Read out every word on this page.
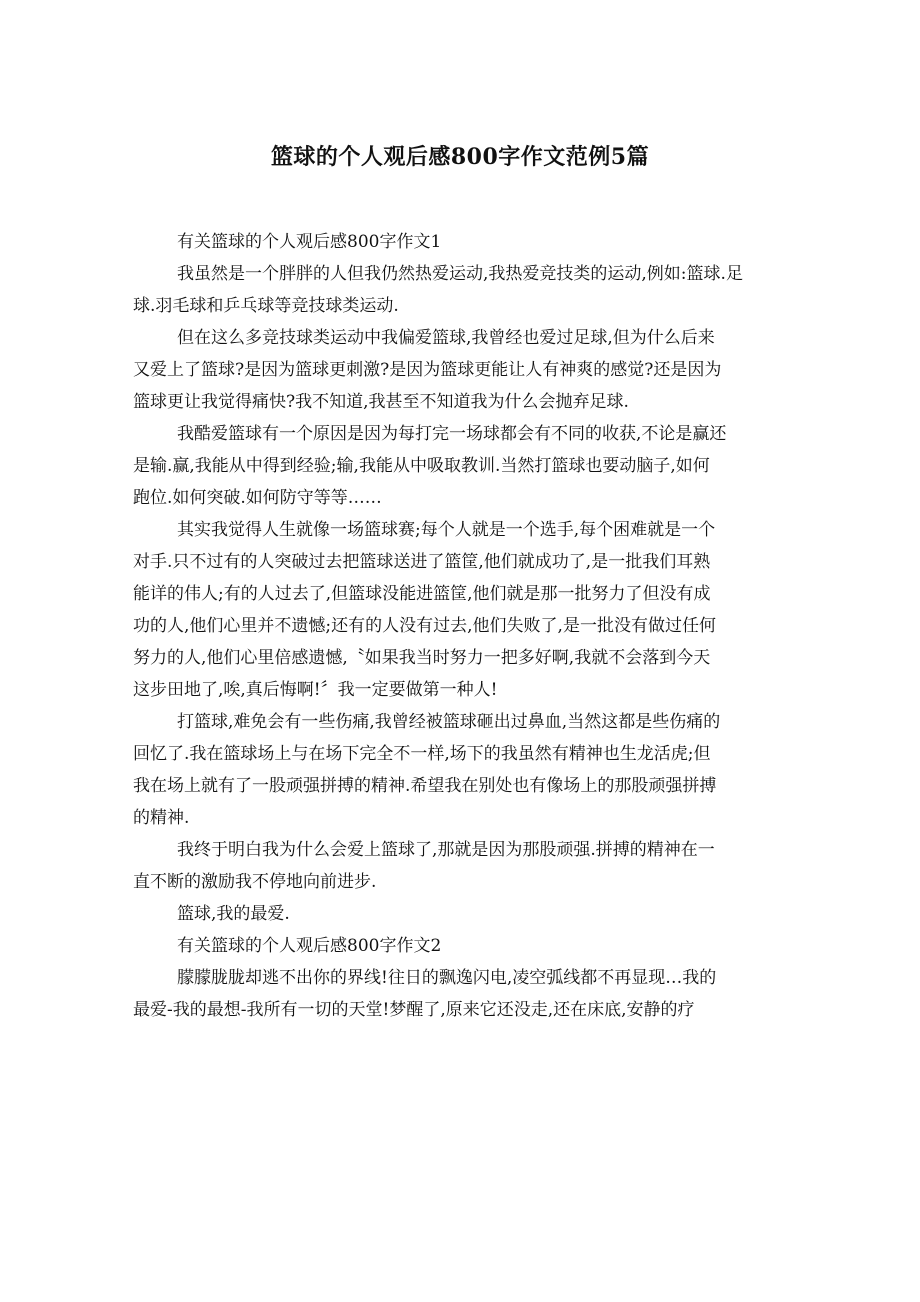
篮球的个人观后感800字作文范例5篇

有关篮球的个人观后感800字作文1

我虽然是一个胖胖的人但我仍然热爱运动,我热爱竞技类的运动,例如:篮球.足
球.羽毛球和乒乓球等竞技球类运动.

但在这么多竞技球类运动中我偏爱篮球,我曾经也爱过足球,但为什么后来
又爱上了篮球?是因为篮球更刺激?是因为篮球更能让人有神爽的感觉?还是因为
篮球更让我觉得痛快?我不知道,我甚至不知道我为什么会抛弃足球.

我酷爱篮球有一个原因是因为每打完一场球都会有不同的收获,不论是赢还
是输.赢,我能从中得到经验;输,我能从中吸取教训.当然打篮球也要动脑子,如何
跑位.如何突破.如何防守等等……

其实我觉得人生就像一场篮球赛;每个人就是一个选手,每个困难就是一个
对手.只不过有的人突破过去把篮球送进了篮筐,他们就成功了,是一批我们耳熟
能详的伟人;有的人过去了,但篮球没能进篮筐,他们就是那一批努力了但没有成
功的人,他们心里并不遗憾;还有的人没有过去,他们失败了,是一批没有做过任何
努力的人,他们心里倍感遗憾,〝如果我当时努力一把多好啊,我就不会落到今天
这步田地了,唉,真后悔啊!〞我一定要做第一种人!

打篮球,难免会有一些伤痛,我曾经被篮球砸出过鼻血,当然这都是些伤痛的
回忆了.我在篮球场上与在场下完全不一样,场下的我虽然有精神也生龙活虎;但
我在场上就有了一股顽强拼搏的精神.希望我在别处也有像场上的那股顽强拼搏
的精神.

我终于明白我为什么会爱上篮球了,那就是因为那股顽强.拼搏的精神在一
直不断的激励我不停地向前进步.

篮球,我的最爱.

有关篮球的个人观后感800字作文2

朦朦胧胧却逃不出你的界线!往日的飘逸闪电,凌空弧线都不再显现…我的
最爱-我的最想-我所有一切的天堂!梦醒了,原来它还没走,还在床底,安静的疗
